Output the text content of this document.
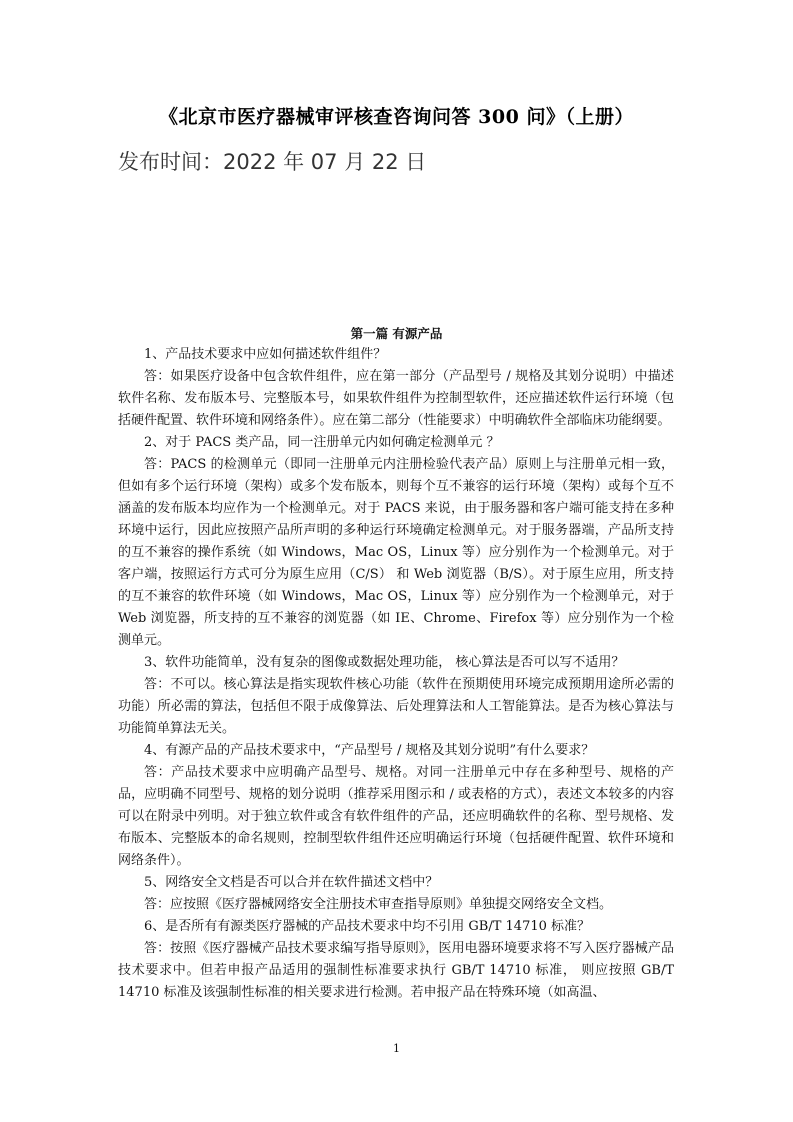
《北京市医疗器械审评核查咨询问答 300 问》（上册）
发布时间：2022 年 07 月 22 日
第一篇 有源产品

1、产品技术要求中应如何描述软件组件？

答：如果医疗设备中包含软件组件，应在第一部分（产品型号 / 规格及其划分说明）中描述软件名称、发布版本号、完整版本号，如果软件组件为控制型软件，还应描述软件运行环境（包括硬件配置、软件环境和网络条件）。应在第二部分（性能要求）中明确软件全部临床功能纲要。

2、对于 PACS 类产品，同一注册单元内如何确定检测单元 ？

答：PACS 的检测单元（即同一注册单元内注册检验代表产品）原则上与注册单元相一致，但如有多个运行环境（架构）或多个发布版本，则每个互不兼容的运行环境（架构）或每个互不涵盖的发布版本均应作为一个检测单元。对于 PACS 来说，由于服务器和客户端可能支持在多种环境中运行，因此应按照产品所声明的多种运行环境确定检测单元。对于服务器端，产品所支持的互不兼容的操作系统（如 Windows，Mac OS，Linux 等）应分别作为一个检测单元。对于客户端，按照运行方式可分为原生应用（C/S） 和 Web 浏览器（B/S）。对于原生应用，所支持的互不兼容的软件环境（如 Windows，Mac OS，Linux 等）应分别作为一个检测单元，对于 Web 浏览器，所支持的互不兼容的浏览器（如 IE、Chrome、Firefox 等）应分别作为一个检测单元。

3、软件功能简单，没有复杂的图像或数据处理功能， 核心算法是否可以写不适用？

答：不可以。核心算法是指实现软件核心功能（软件在预期使用环境完成预期用途所必需的功能）所必需的算法，包括但不限于成像算法、后处理算法和人工智能算法。是否为核心算法与功能简单算法无关。

4、有源产品的产品技术要求中，“产品型号 / 规格及其划分说明”有什么要求？

答：产品技术要求中应明确产品型号、规格。对同一注册单元中存在多种型号、规格的产品，应明确不同型号、规格的划分说明（推荐采用图示和 / 或表格的方式），表述文本较多的内容可以在附录中列明。对于独立软件或含有软件组件的产品，还应明确软件的名称、型号规格、发布版本、完整版本的命名规则，控制型软件组件还应明确运行环境（包括硬件配置、软件环境和网络条件）。

5、网络安全文档是否可以合并在软件描述文档中？

答：应按照《医疗器械网络安全注册技术审查指导原则》单独提交网络安全文档。

6、是否所有有源类医疗器械的产品技术要求中均不引用 GB/T 14710 标准？

答：按照《医疗器械产品技术要求编写指导原则》，医用电器环境要求将不写入医疗器械产品技术要求中。但若申报产品适用的强制性标准要求执行 GB/T 14710 标准， 则应按照 GB/T 14710 标准及该强制性标准的相关要求进行检测。若申报产品在特殊环境（如高温、

1
